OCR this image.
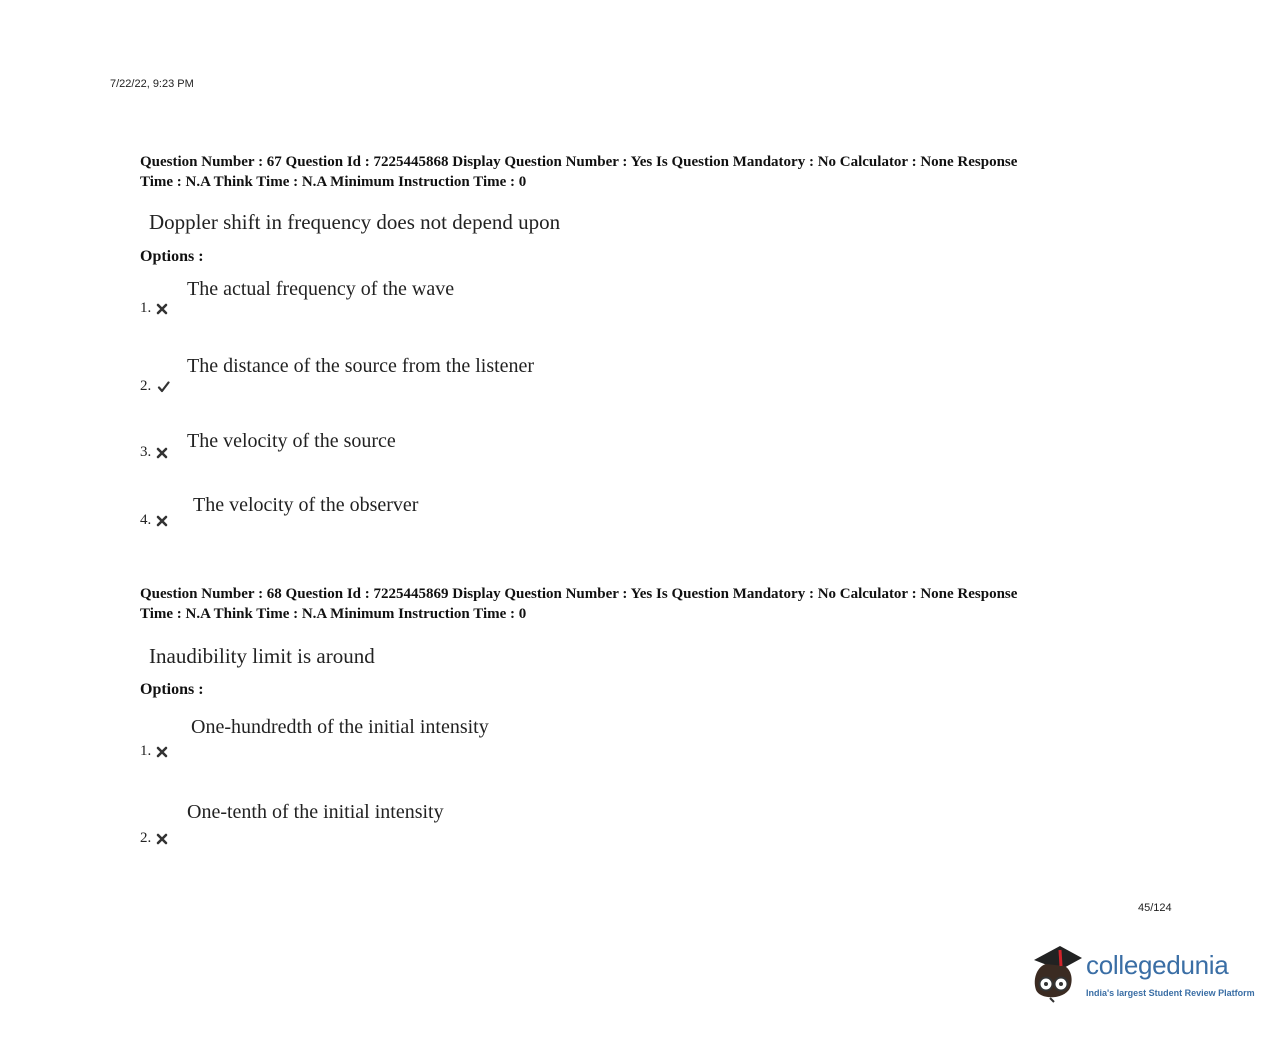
7/22/22, 9:23 PM
Question Number : 67 Question Id : 7225445868 Display Question Number : Yes Is Question Mandatory : No Calculator : None Response
Time : N.A Think Time : N.A Minimum Instruction Time : 0
Doppler shift in frequency does not depend upon
Options :
The actual frequency of the wave
1.
The distance of the source from the listener
2.
The velocity of the source
3.
The velocity of the observer
4.
Question Number : 68 Question Id : 7225445869 Display Question Number : Yes Is Question Mandatory : No Calculator : None Response
Time : N.A Think Time : N.A Minimum Instruction Time : 0
Inaudibility limit is around
Options :
One-hundredth of the initial intensity
1.
One-tenth of the initial intensity
2.
45/124
collegedunia
India's largest Student Review Platform
